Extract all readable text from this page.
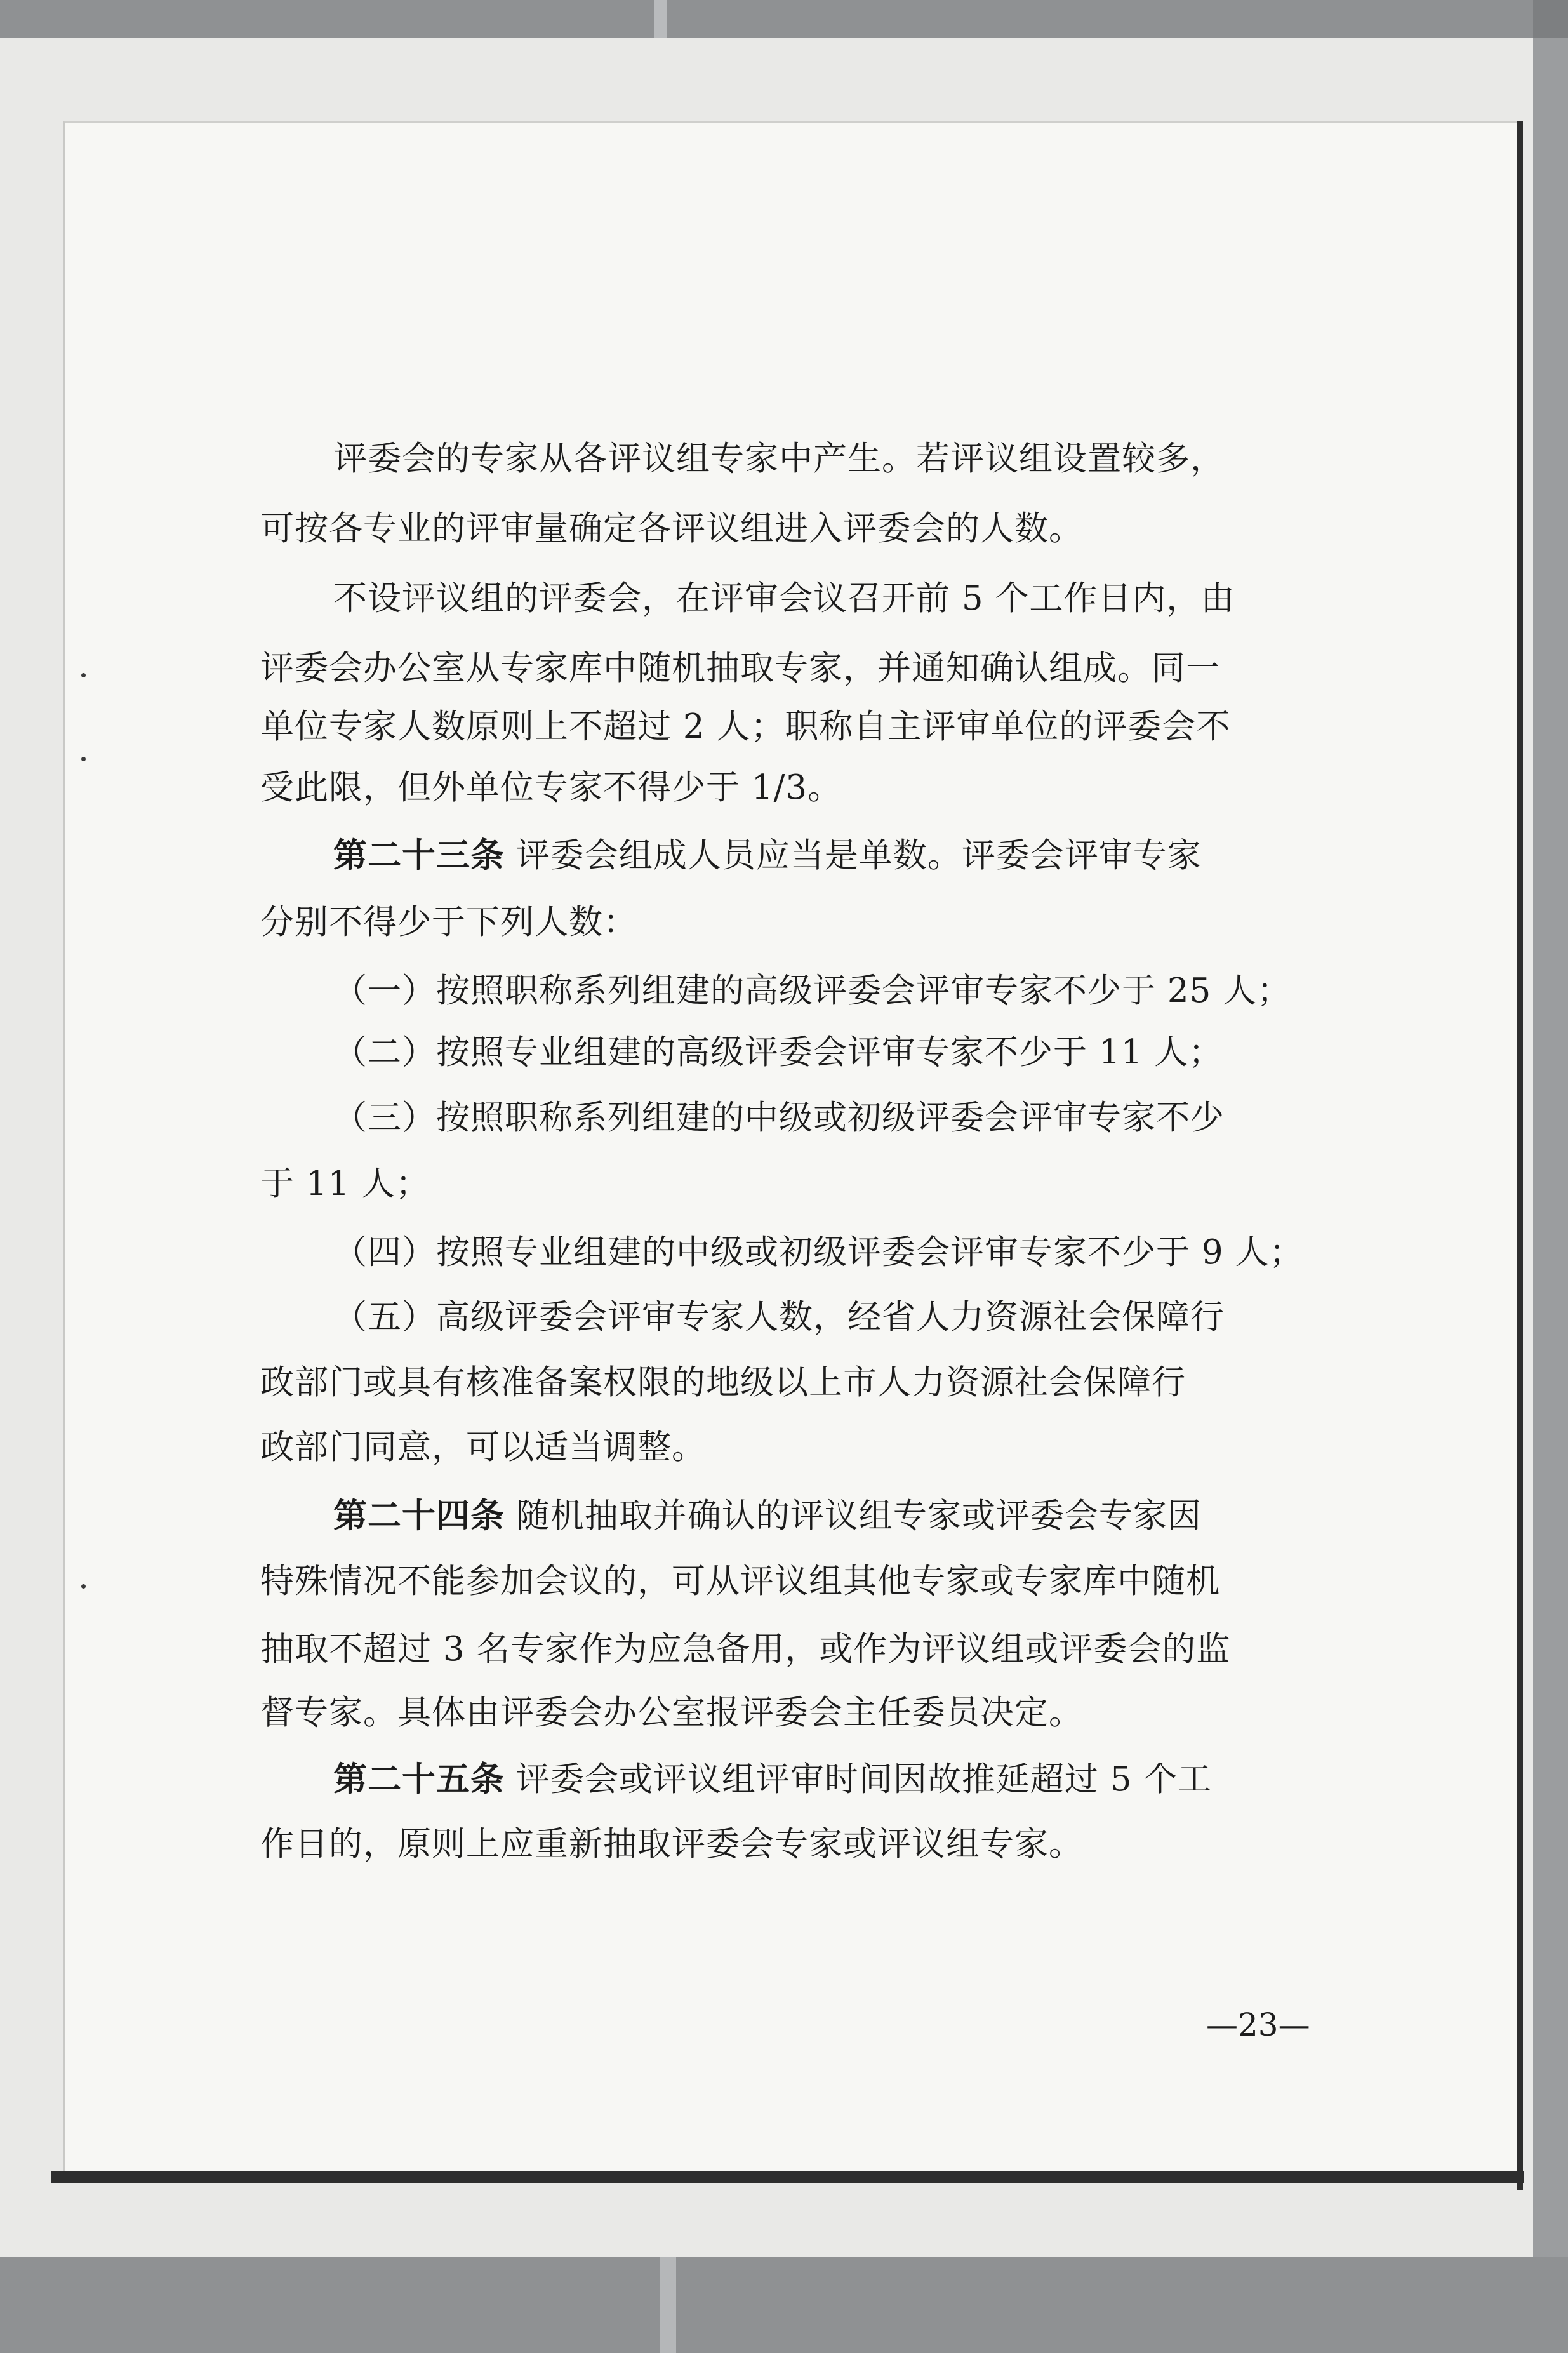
评委会的专家从各评议组专家中产生。若评议组设置较多，
可按各专业的评审量确定各评议组进入评委会的人数。
不设评议组的评委会，在评审会议召开前 5 个工作日内，由
评委会办公室从专家库中随机抽取专家，并通知确认组成。同一
单位专家人数原则上不超过 2 人；职称自主评审单位的评委会不
受此限，但外单位专家不得少于 1/3。
第二十三条 评委会组成人员应当是单数。评委会评审专家
分别不得少于下列人数：
（一）按照职称系列组建的高级评委会评审专家不少于 25 人；
（二）按照专业组建的高级评委会评审专家不少于 11 人；
（三）按照职称系列组建的中级或初级评委会评审专家不少
于 11 人；
（四）按照专业组建的中级或初级评委会评审专家不少于 9 人；
（五）高级评委会评审专家人数，经省人力资源社会保障行
政部门或具有核准备案权限的地级以上市人力资源社会保障行
政部门同意，可以适当调整。
第二十四条 随机抽取并确认的评议组专家或评委会专家因
特殊情况不能参加会议的，可从评议组其他专家或专家库中随机
抽取不超过 3 名专家作为应急备用，或作为评议组或评委会的监
督专家。具体由评委会办公室报评委会主任委员决定。
第二十五条 评委会或评议组评审时间因故推延超过 5 个工
作日的，原则上应重新抽取评委会专家或评议组专家。
—23—
